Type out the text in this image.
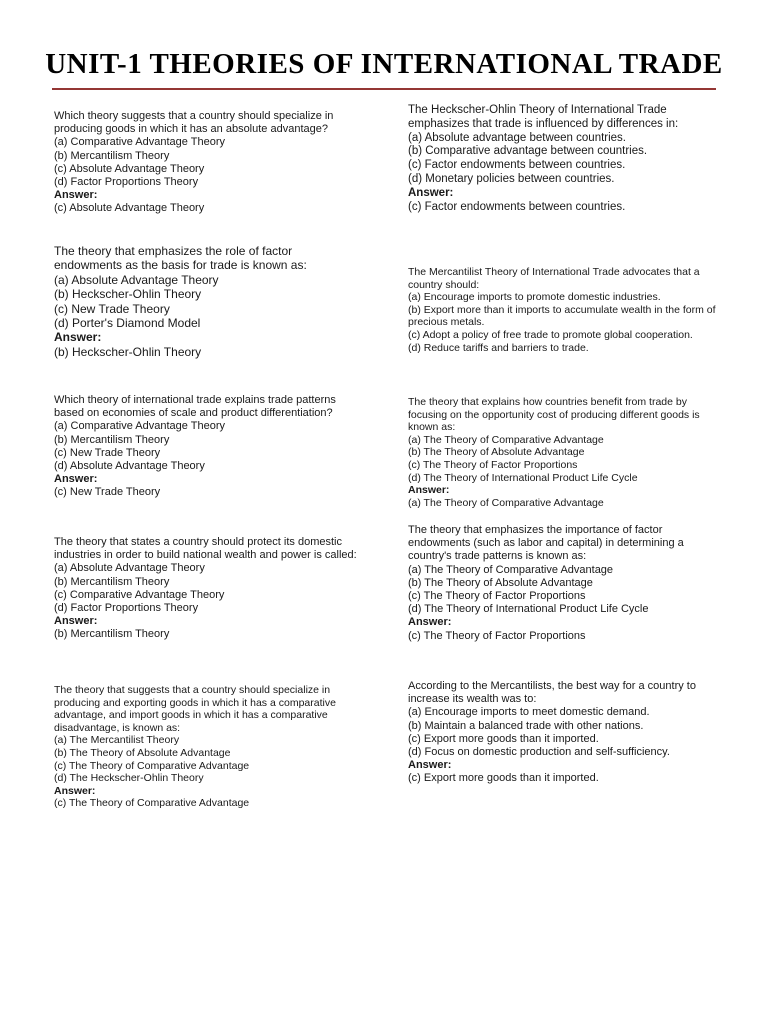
UNIT-1 THEORIES OF INTERNATIONAL TRADE

Which theory suggests that a country should specialize in producing goods in which it has an absolute advantage?

(a) Comparative Advantage Theory

(b) Mercantilism Theory

(c) Absolute Advantage Theory

(d) Factor Proportions Theory

Answer:

(c) Absolute Advantage Theory

The theory that emphasizes the role of factor endowments as the basis for trade is known as:

(a) Absolute Advantage Theory

(b) Heckscher-Ohlin Theory

(c) New Trade Theory

(d) Porter's Diamond Model

Answer:

(b) Heckscher-Ohlin Theory

Which theory of international trade explains trade patterns based on economies of scale and product differentiation?

(a) Comparative Advantage Theory

(b) Mercantilism Theory

(c) New Trade Theory

(d) Absolute Advantage Theory

Answer:

(c) New Trade Theory

The theory that states a country should protect its domestic industries in order to build national wealth and power is called:

(a) Absolute Advantage Theory

(b) Mercantilism Theory

(c) Comparative Advantage Theory

(d) Factor Proportions Theory

Answer:

(b) Mercantilism Theory

The theory that suggests that a country should specialize in producing and exporting goods in which it has a comparative advantage, and import goods in which it has a comparative disadvantage, is known as:

(a) The Mercantilist Theory

(b) The Theory of Absolute Advantage

(c) The Theory of Comparative Advantage

(d) The Heckscher-Ohlin Theory

Answer:

(c) The Theory of Comparative Advantage

The Heckscher-Ohlin Theory of International Trade emphasizes that trade is influenced by differences in:

(a) Absolute advantage between countries.

(b) Comparative advantage between countries.

(c) Factor endowments between countries.

(d) Monetary policies between countries.

Answer:

(c) Factor endowments between countries.

The Mercantilist Theory of International Trade advocates that a country should:

(a) Encourage imports to promote domestic industries.

(b) Export more than it imports to accumulate wealth in the form of precious metals.

(c) Adopt a policy of free trade to promote global cooperation.

(d) Reduce tariffs and barriers to trade.

The theory that explains how countries benefit from trade by focusing on the opportunity cost of producing different goods is known as:

(a) The Theory of Comparative Advantage

(b) The Theory of Absolute Advantage

(c) The Theory of Factor Proportions

(d) The Theory of International Product Life Cycle

Answer:

(a) The Theory of Comparative Advantage

The theory that emphasizes the importance of factor endowments (such as labor and capital) in determining a country's trade patterns is known as:

(a) The Theory of Comparative Advantage

(b) The Theory of Absolute Advantage

(c) The Theory of Factor Proportions

(d) The Theory of International Product Life Cycle

Answer:

(c) The Theory of Factor Proportions

According to the Mercantilists, the best way for a country to increase its wealth was to:

(a) Encourage imports to meet domestic demand.

(b) Maintain a balanced trade with other nations.

(c) Export more goods than it imported.

(d) Focus on domestic production and self-sufficiency.

Answer:

(c) Export more goods than it imported.
